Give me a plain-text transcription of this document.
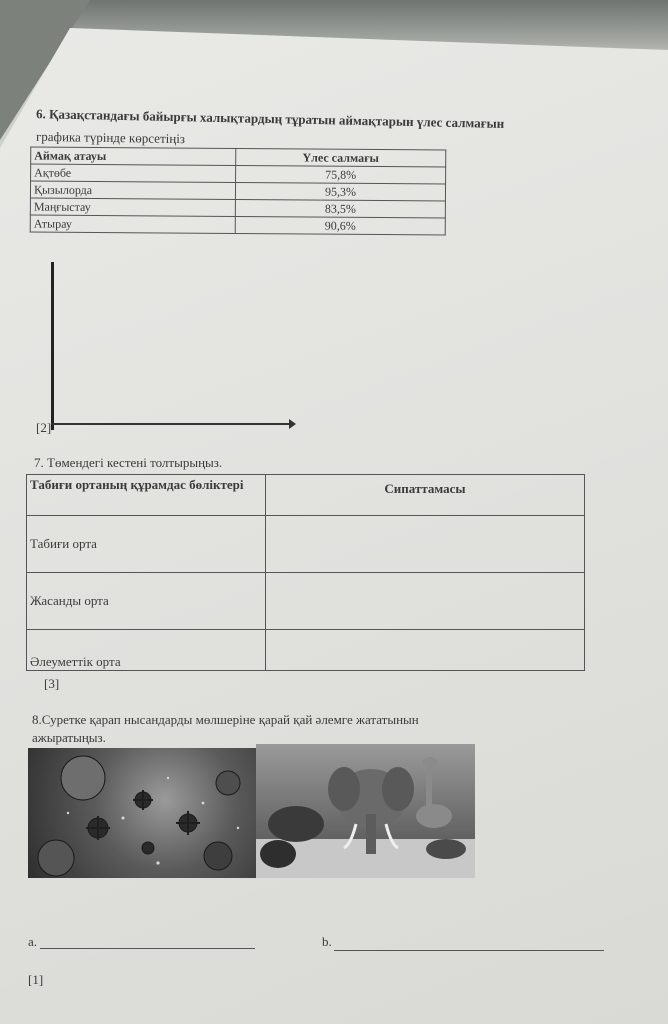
6. Қазақстандағы байырғы халықтардың тұратын аймақтарын үлес салмағын
графика түрінде көрсетіңіз
Аймақ атауы	Үлес салмағы
Ақтөбе	75,8%
Қызылорда	95,3%
Маңғыстау	83,5%
Атырау	90,6%
[2]
7. Төмендегі кестені толтырыңыз.
Табиғи ортаның құрамдас бөліктері	Сипаттамасы
Табиғи орта	
Жасанды орта	
Әлеуметтік орта	
[3]
8.Суретке қарап нысандарды мөлшеріне қарай қай әлемге жататынын
ажыратыңыз.
a.	b.
[1]
